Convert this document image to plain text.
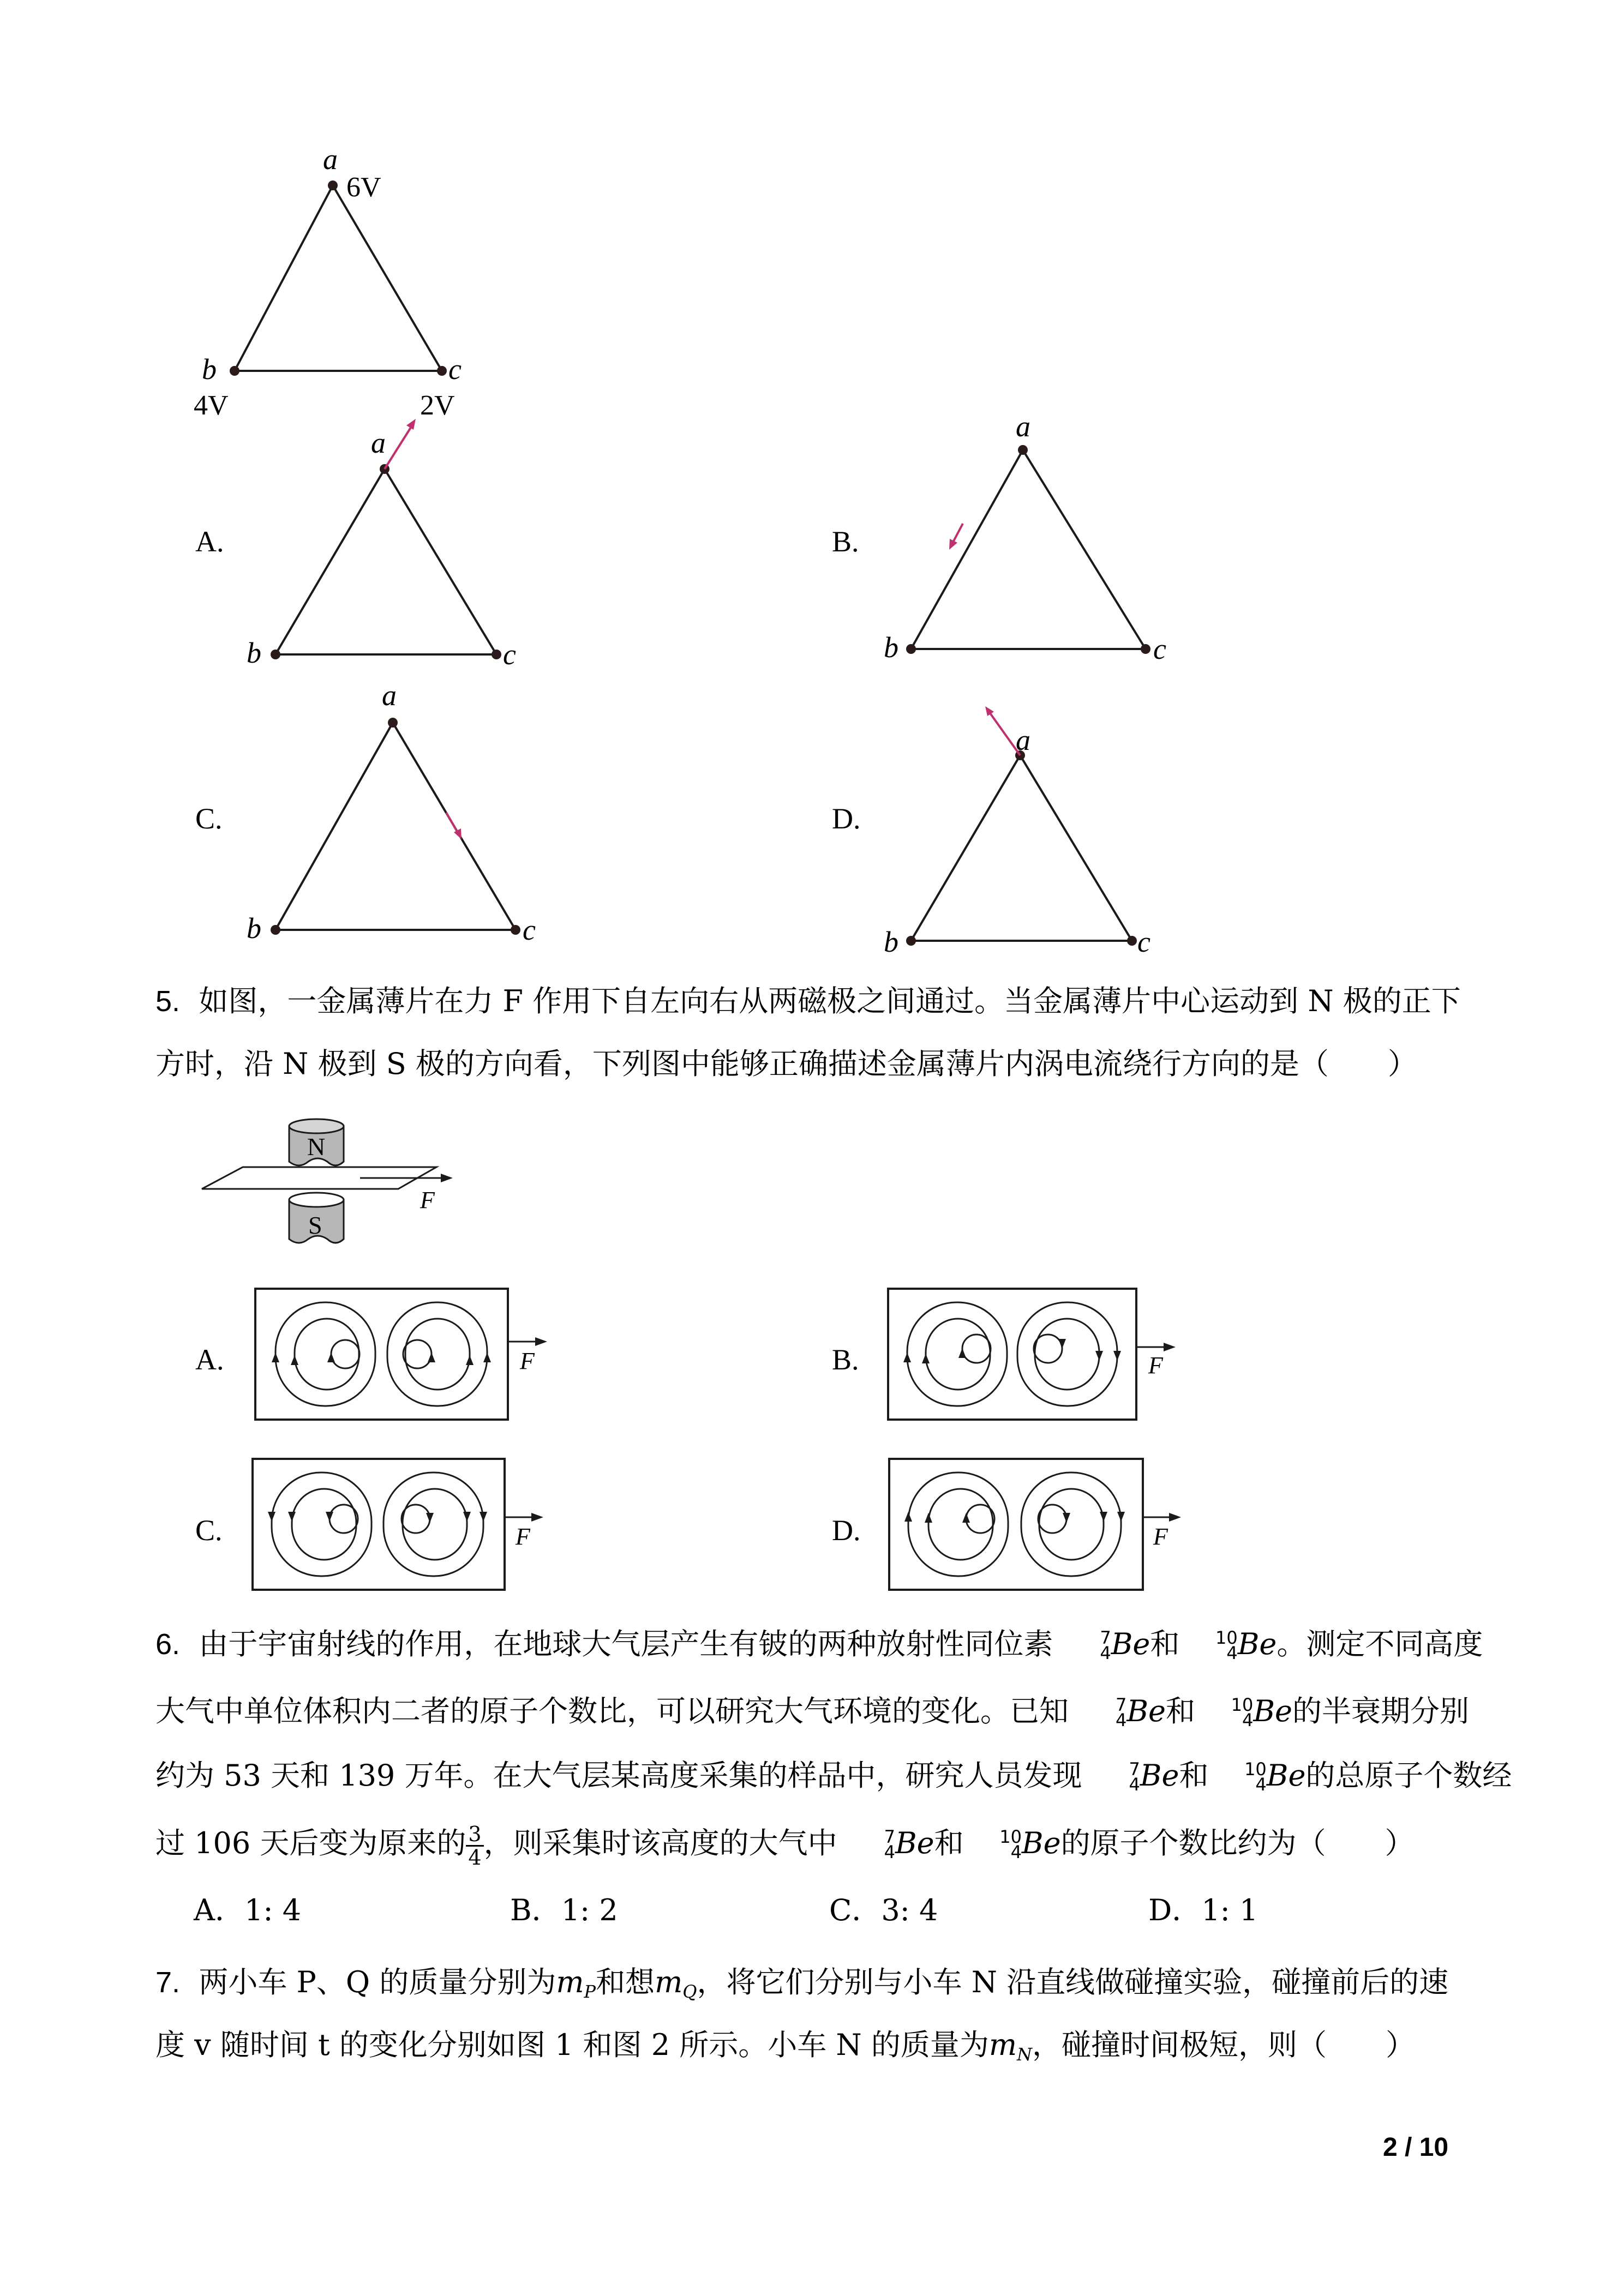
a
6V
b
4V
c
2V
A.
a
b	c
B.
a
b	c
C.
a
b	c
D.
a
b	c
5. 如图，一金属薄片在力 F 作用下自左向右从两磁极之间通过。当金属薄片中心运动到 N 极的正下
方时，沿 N 极到 S 极的方向看，下列图中能够正确描述金属薄片内涡电流绕行方向的是（　　）
N
F
S
A.	F	B.	F
C.	F	D.	F
6. 由于宇宙射线的作用，在地球大气层产生有铍的两种放射性同位素	7
4 Be和 10
4 Be。测定不同高度
大气中单位体积内二者的原子个数比，可以研究大气环境的变化。已知	7
4 Be和 10
4 Be的半衰期分别
约为 53 天和 139 万年。在大气层某高度采集的样品中，研究人员发现	7
4 Be和 10
4 Be的总原子个数经
过 106 天后变为原来的 $\frac{3}{4}$ ，则采集时该高度的大气中	7
4 Be和 10
4 Be的原子个数比约为（　　）
A．1: 4	B．1: 2	C．3: 4	D．1: 1
7. 两小车 P、Q 的质量分别为mP和想mQ，将它们分别与小车 N 沿直线做碰撞实验，碰撞前后的速
度 v 随时间 t 的变化分别如图 1 和图 2 所示。小车 N 的质量为mN，碰撞时间极短，则（　　）
2 / 10
